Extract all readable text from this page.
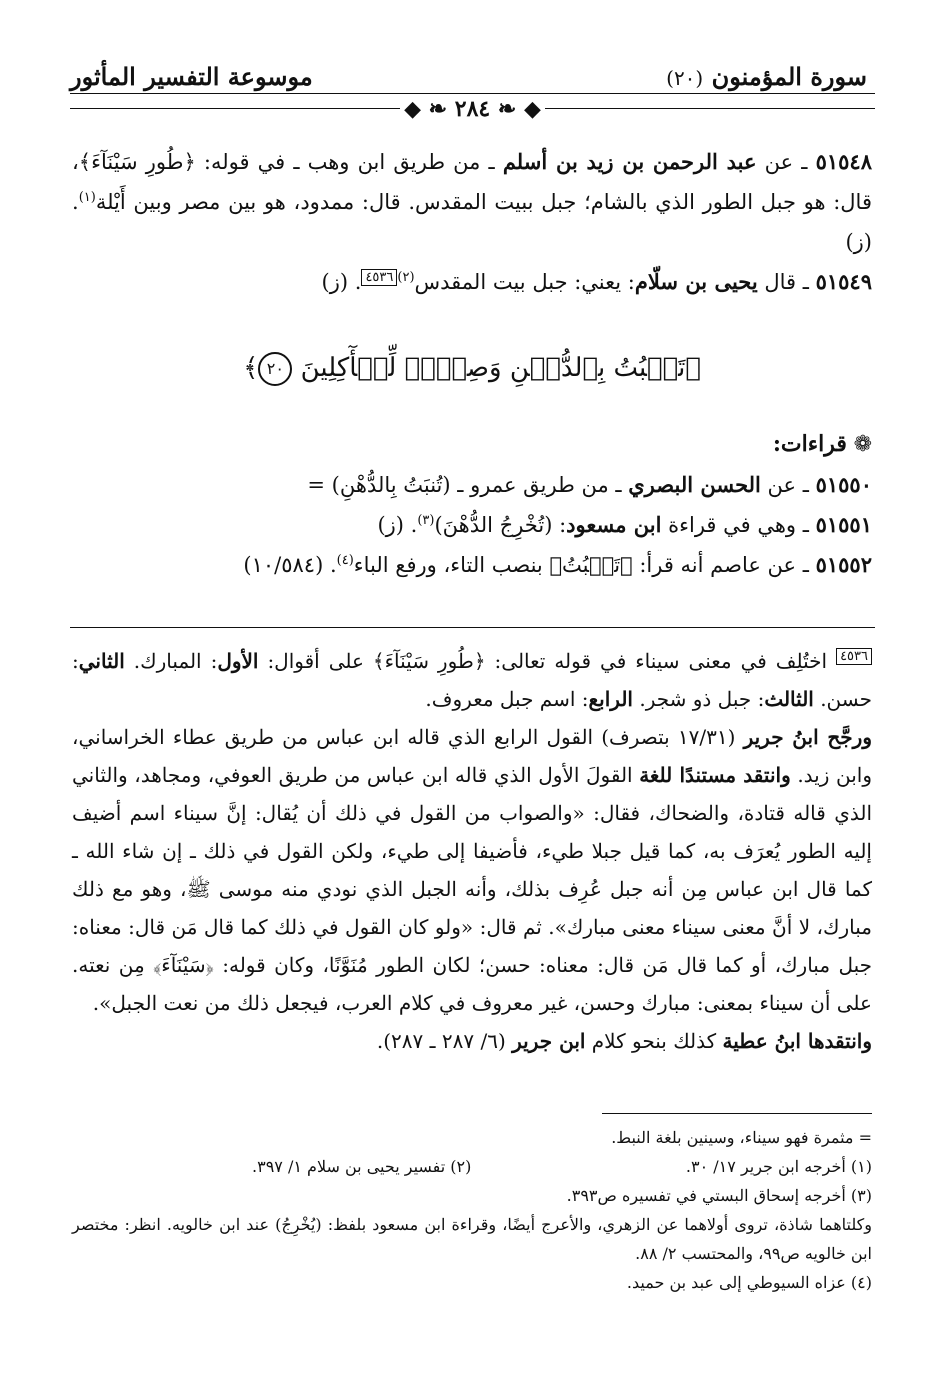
سورة المؤمنون (٢٠)
موسوعة التفسير المأثور
◆ ❧ ٢٨٤ ❧ ◆

٥١٥٤٨ ـ عن عبد الرحمن بن زيد بن أسلم ـ من طريق ابن وهب ـ في قوله: ﴿طُورِ سَيْنَآءَ﴾، قال: هو جبل الطور الذي بالشام؛ جبل ببيت المقدس. قال: ممدود، هو بين مصر وبين أَيْلة$^{(١)}$. (ز)

٥١٥٤٩ ـ قال يحيى بن سلّام: يعني: جبل بيت المقدس$^{(٢)}$٤٥٣٦. (ز)

﴿تَنۢبُتُ بِٱلدُّهۡنِ وَصِبۡغٖ لِّلۡأٓكِلِينَ ٢٠﴾

❁ قراءات:

٥١٥٥٠ ـ عن الحسن البصري ـ من طريق عمرو ـ (تُنبَتُ بِالدُّهْنِ) =

٥١٥٥١ ـ وهي في قراءة ابن مسعود: (تُخْرِجُ الدُّهْنَ)$^{(٣)}$. (ز)

٥١٥٥٢ ـ عن عاصم أنه قرأ: ﴿تَنۢبُتُ﴾ بنصب التاء، ورفع الباء$^{(٤)}$. (١٠/٥٨٤)

٤٥٣٦ اختُلِف في معنى سيناء في قوله تعالى: ﴿طُورِ سَيْنَآءَ﴾ على أقوال: الأول: المبارك. الثاني: حسن. الثالث: جبل ذو شجر. الرابع: اسم جبل معروف.

ورجَّح ابنُ جرير (١٧/٣١ بتصرف) القول الرابع الذي قاله ابن عباس من طريق عطاء الخراساني، وابن زيد. وانتقد مستندًا للغة القولَ الأول الذي قاله ابن عباس من طريق العوفي، ومجاهد، والثاني الذي قاله قتادة، والضحاك، فقال: «والصواب من القول في ذلك أن يُقال: إنَّ سيناء اسم أضيف إليه الطور يُعرَف به، كما قيل جبلا طيء، فأضيفا إلى طيء، ولكن القول في ذلك ـ إن شاء الله ـ كما قال ابن عباس مِن أنه جبل عُرِف بذلك، وأنه الجبل الذي نودي منه موسى ﷺ، وهو مع ذلك مبارك، لا أنَّ معنى سيناء معنى مبارك». ثم قال: «ولو كان القول في ذلك كما قال مَن قال: معناه: جبل مبارك، أو كما قال مَن قال: معناه: حسن؛ لكان الطور مُنَوَّنًا، وكان قوله: ﴿سَيْنَآءَ﴾ مِن نعته. على أن سيناء بمعنى: مبارك وحسن، غير معروف في كلام العرب، فيجعل ذلك من نعت الجبل».

وانتقدها ابنُ عطية كذلك بنحو كلام ابن جرير (٦/ ٢٨٧ ـ ٢٨٧).

= مثمرة فهو سيناء، وسينين بلغة النبط.

(١) أخرجه ابن جرير ١٧/ ٣٠.
(٢) تفسير يحيى بن سلام ١/ ٣٩٧.

(٣) أخرجه إسحاق البستي في تفسيره ص٣٩٣.

وكلتاهما شاذة، تروى أولاهما عن الزهري، والأعرج أيضًا، وقراءة ابن مسعود بلفظ: (يُخْرِجُ) عند ابن خالويه. انظر: مختصر ابن خالويه ص٩٩، والمحتسب ٢/ ٨٨.

(٤) عزاه السيوطي إلى عبد بن حميد.
